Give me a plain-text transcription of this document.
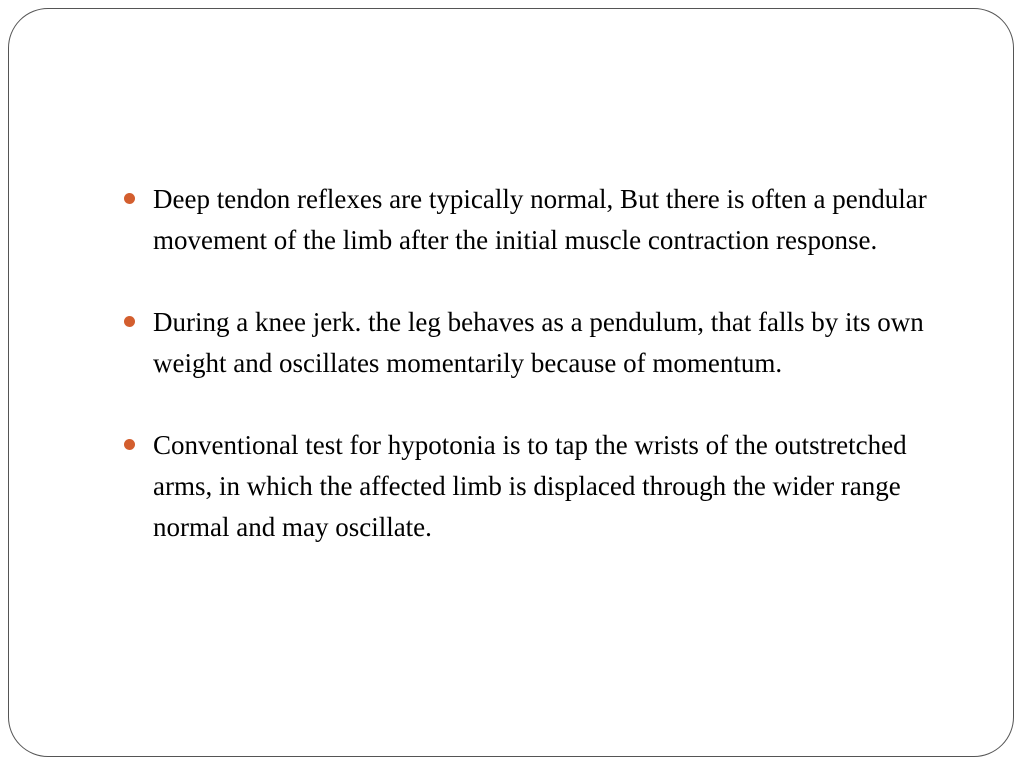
Deep tendon reflexes are typically normal, But there is often a pendular movement of the limb after the initial muscle contraction response.
During a knee jerk. the leg behaves as a pendulum, that falls by its own weight and oscillates momentarily because of momentum.
Conventional test for hypotonia is to tap the wrists of the outstretched arms, in which the affected limb is displaced through the wider range normal and may oscillate.
